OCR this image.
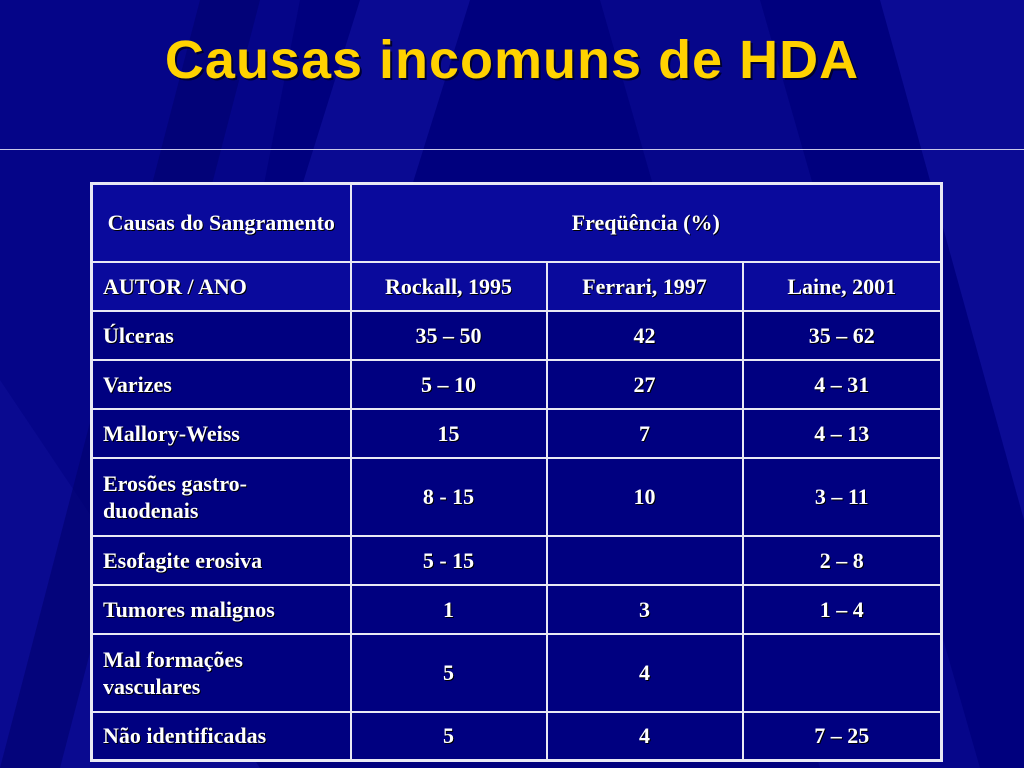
Causas incomuns de HDA
Causas do Sangramento	Freqüência (%)		
AUTOR / ANO	Rockall, 1995	Ferrari, 1997	Laine, 2001
Úlceras	35 – 50	42	35 – 62
Varizes	5 – 10	27	4 – 31
Mallory-Weiss	15	7	4 – 13
Erosões gastro-duodenais	8 - 15	10	3 – 11
Esofagite erosiva	5 - 15		2 – 8
Tumores malignos	1	3	1 – 4
Mal formações vasculares	5	4	
Não identificadas	5	4	7 – 25
